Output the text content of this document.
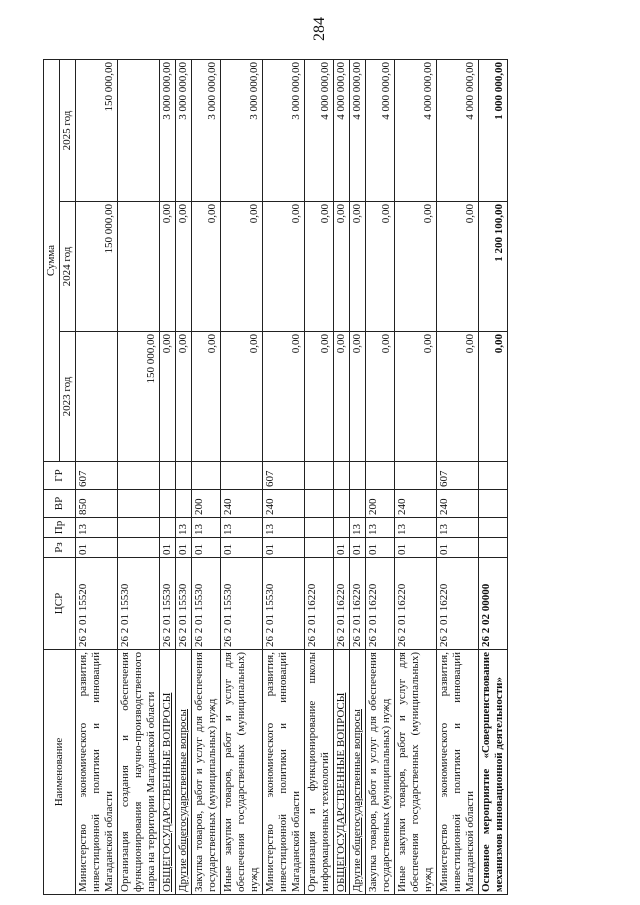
284
Наименование	ЦСР	Рз	Пр	ВР	ГР	Сумма		
						2023 год	2024 год	2025 год
Министерство экономического развития, инвестиционной политики и инноваций Магаданской области	26 2 01 15520	01	13	850	607		150 000,00	150 000,00
Организация создания и обеспечения функционирования научно-производственного парка на территории Магаданской области	26 2 01 15530					150 000,00		
ОБЩЕГОСУДАРСТВЕННЫЕ ВОПРОСЫ	26 2 01 15530	01				0,00	0,00	3 000 000,00
Другие общегосударственные вопросы	26 2 01 15530	01	13			0,00	0,00	3 000 000,00
Закупка товаров, работ и услуг для обеспечения государственных (муниципальных) нужд	26 2 01 15530	01	13	200		0,00	0,00	3 000 000,00
Иные закупки товаров, работ и услуг для обеспечения государственных (муниципальных) нужд	26 2 01 15530	01	13	240		0,00	0,00	3 000 000,00
Министерство экономического развития, инвестиционной политики и инноваций Магаданской области	26 2 01 15530	01	13	240	607	0,00	0,00	3 000 000,00
Организация и функционирование школы информационных технологий	26 2 01 16220					0,00	0,00	4 000 000,00
ОБЩЕГОСУДАРСТВЕННЫЕ ВОПРОСЫ	26 2 01 16220	01				0,00	0,00	4 000 000,00
Другие общегосударственные вопросы	26 2 01 16220	01	13			0,00	0,00	4 000 000,00
Закупка товаров, работ и услуг для обеспечения государственных (муниципальных) нужд	26 2 01 16220	01	13	200		0,00	0,00	4 000 000,00
Иные закупки товаров, работ и услуг для обеспечения государственных (муниципальных) нужд	26 2 01 16220	01	13	240		0,00	0,00	4 000 000,00
Министерство экономического развития, инвестиционной политики и инноваций Магаданской области	26 2 01 16220	01	13	240	607	0,00	0,00	4 000 000,00
Основное мероприятие «Совершенствование механизмов инновационной деятельности»	26 2 02 00000					0,00	1 200 100,00	1 000 000,00
